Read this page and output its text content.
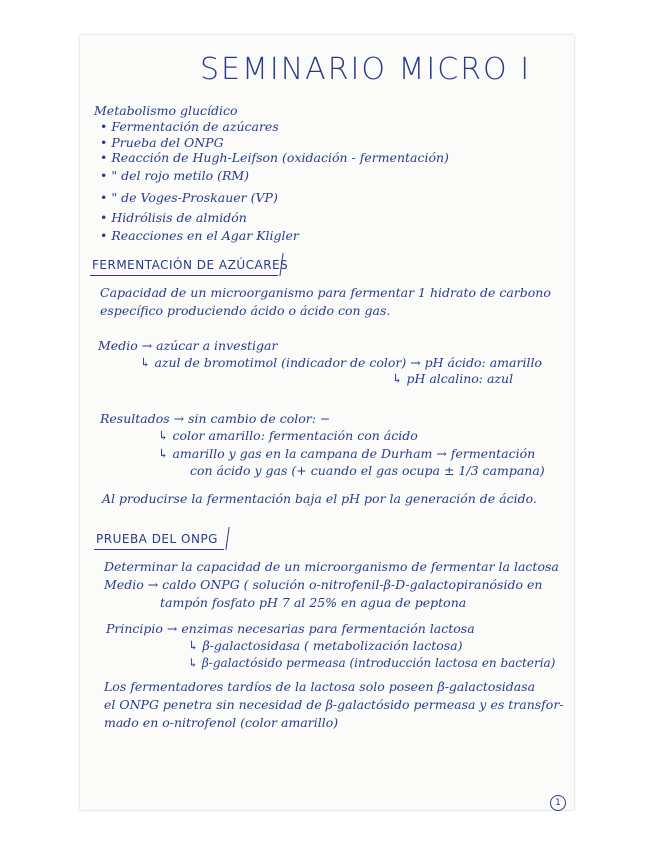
SEMINARIO MICRO I
Metabolismo glucídico
• Fermentación de azúcares
• Prueba del ONPG
• Reacción de Hugh-Leifson (oxidación - fermentación)
• " del rojo metilo (RM)
• " de Voges-Proskauer (VP)
• Hidrólisis de almidón
• Reacciones en el Agar Kligler
FERMENTACIÓN DE AZÚCARES
Capacidad de un microorganismo para fermentar 1 hidrato de carbono
específico produciendo ácido o ácido con gas.
Medio → azúcar a investigar
↳ azul de bromotimol (indicador de color) → pH ácido: amarillo
↳ pH alcalino: azul
Resultados → sin cambio de color: −
↳ color amarillo: fermentación con ácido
↳ amarillo y gas en la campana de Durham → fermentación
con ácido y gas (+ cuando el gas ocupa ± 1/3 campana)
Al producirse la fermentación baja el pH por la generación de ácido.
PRUEBA DEL ONPG
Determinar la capacidad de un microorganismo de fermentar la lactosa
Medio → caldo ONPG ( solución o-nitrofenil-β-D-galactopiranósido en
tampón fosfato pH 7 al 25% en agua de peptona
Principio → enzimas necesarias para fermentación lactosa
↳ β-galactosidasa ( metabolización lactosa)
↳ β-galactósido permeasa (introducción lactosa en bacteria)
Los fermentadores tardíos de la lactosa solo poseen β-galactosidasa
el ONPG penetra sin necesidad de β-galactósido permeasa y es transfor-
mado en o-nitrofenol (color amarillo)
1
